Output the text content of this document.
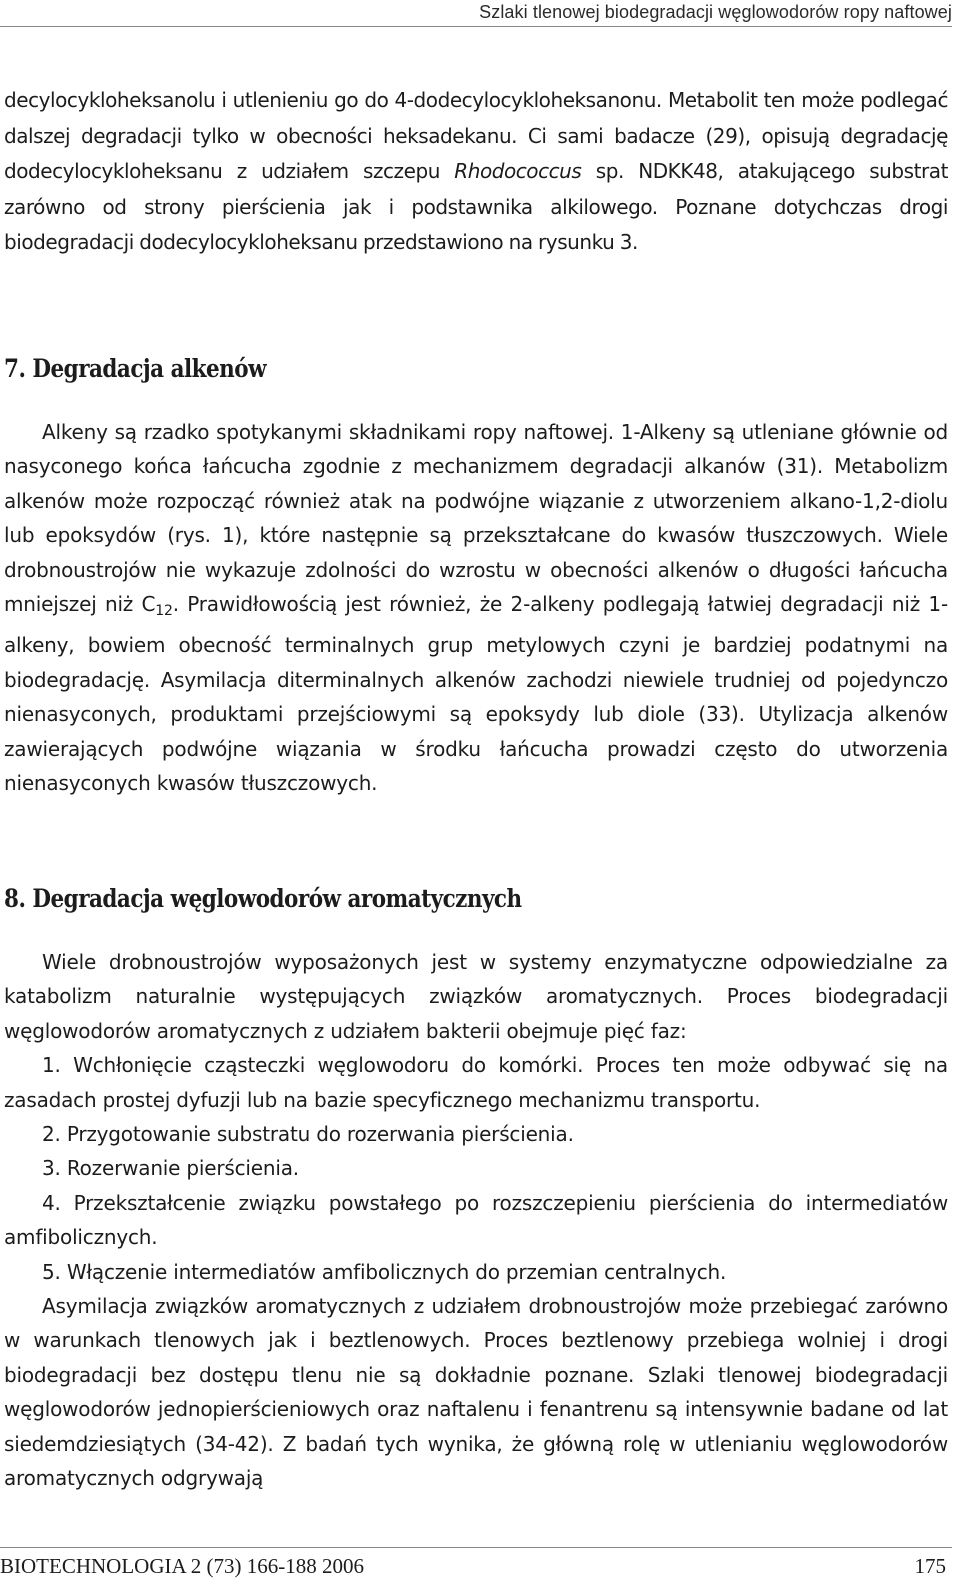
Szlaki tlenowej biodegradacji węglowodorów ropy naftowej

decylocykloheksanolu i utlenieniu go do 4-dodecylocykloheksanonu. Metabolit ten może podlegać dalszej degradacji tylko w obecności heksadekanu. Ci sami badacze (29), opisują degradację dodecylocykloheksanu z udziałem szczepu Rhodococcus sp. NDKK48, atakującego substrat zarówno od strony pierścienia jak i podstawnika alkilowego. Poznane dotychczas drogi biodegradacji dodecylocykloheksanu przedstawiono na rysunku 3.

7. Degradacja alkenów

Alkeny są rzadko spotykanymi składnikami ropy naftowej. 1-Alkeny są utleniane głównie od nasyconego końca łańcucha zgodnie z mechanizmem degradacji alkanów (31). Metabolizm alkenów może rozpocząć również atak na podwójne wiązanie z utworzeniem alkano-1,2-diolu lub epoksydów (rys. 1), które następnie są przekształcane do kwasów tłuszczowych. Wiele drobnoustrojów nie wykazuje zdolności do wzrostu w obecności alkenów o długości łańcucha mniejszej niż $C_{12}$. Prawidłowością jest również, że 2-alkeny podlegają łatwiej degradacji niż 1-alkeny, bowiem obecność terminalnych grup metylowych czyni je bardziej podatnymi na biodegradację. Asymilacja diterminalnych alkenów zachodzi niewiele trudniej od pojedynczo nienasyconych, produktami przejściowymi są epoksydy lub diole (33). Utylizacja alkenów zawierających podwójne wiązania w środku łańcucha prowadzi często do utworzenia nienasyconych kwasów tłuszczowych.

8. Degradacja węglowodorów aromatycznych

Wiele drobnoustrojów wyposażonych jest w systemy enzymatyczne odpowiedzialne za katabolizm naturalnie występujących związków aromatycznych. Proces biodegradacji węglowodorów aromatycznych z udziałem bakterii obejmuje pięć faz:

1. Wchłonięcie cząsteczki węglowodoru do komórki. Proces ten może odbywać się na zasadach prostej dyfuzji lub na bazie specyficznego mechanizmu transportu.

2. Przygotowanie substratu do rozerwania pierścienia.

3. Rozerwanie pierścienia.

4. Przekształcenie związku powstałego po rozszczepieniu pierścienia do intermediatów amfibolicznych.

5. Włączenie intermediatów amfibolicznych do przemian centralnych.

Asymilacja związków aromatycznych z udziałem drobnoustrojów może przebiegać zarówno w warunkach tlenowych jak i beztlenowych. Proces beztlenowy przebiega wolniej i drogi biodegradacji bez dostępu tlenu nie są dokładnie poznane. Szlaki tlenowej biodegradacji węglowodorów jednopierścieniowych oraz naftalenu i fenantrenu są intensywnie badane od lat siedemdziesiątych (34-42). Z badań tych wynika, że główną rolę w utlenianiu węglowodorów aromatycznych odgrywają

BIOTECHNOLOGIA 2 (73) 166-188 2006	175
